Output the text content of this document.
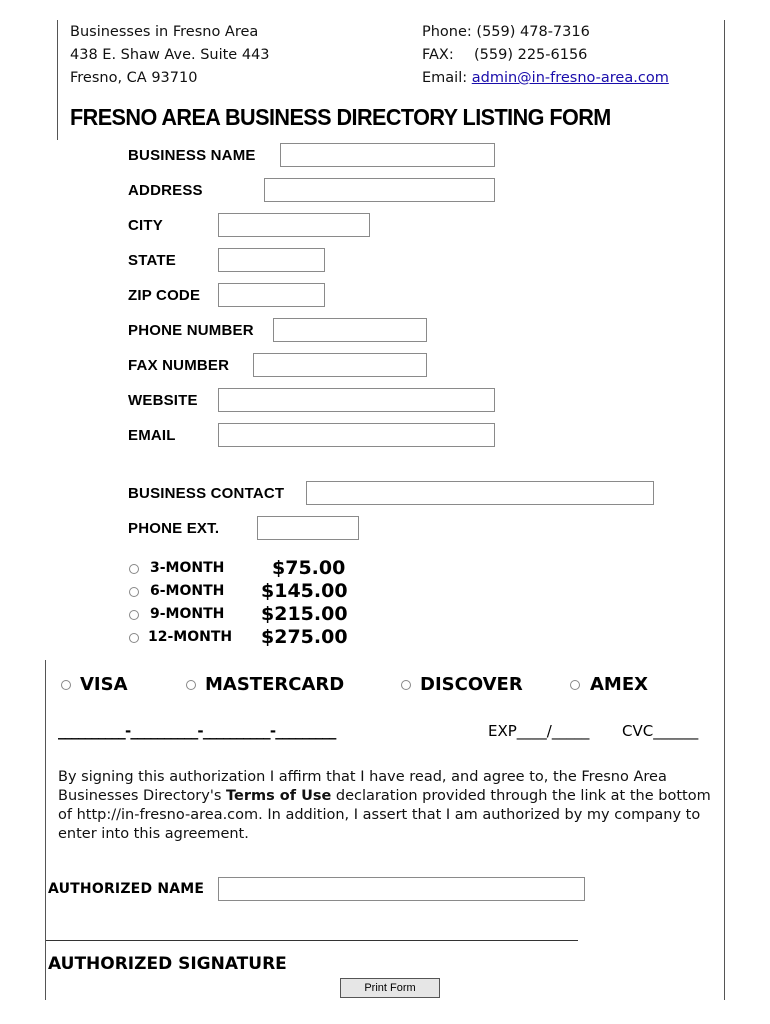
Businesses in Fresno Area
438 E. Shaw Ave. Suite 443
Fresno, CA 93710
Phone: (559) 478-7316
FAX: (559) 225-6156
Email: admin@in-fresno-area.com
FRESNO AREA BUSINESS DIRECTORY LISTING FORM
BUSINESS NAME
ADDRESS
CITY
STATE
ZIP CODE
PHONE NUMBER
FAX NUMBER
WEBSITE
EMAIL
BUSINESS CONTACT
PHONE EXT.
3-MONTH	$75.00
6-MONTH $145.00
9-MONTH $215.00
12-MONTH $275.00
VISA	MASTERCARD	DISCOVER	AMEX
__________-__________-__________-_________	EXP____/_____ CVC______
By signing this authorization I affirm that I have read, and agree to, the Fresno Area Businesses Directory's Terms of Use declaration provided through the link at the bottom of http://in-fresno-area.com. In addition, I assert that I am authorized by my company to enter into this agreement.
AUTHORIZED NAME
AUTHORIZED SIGNATURE
Print Form
